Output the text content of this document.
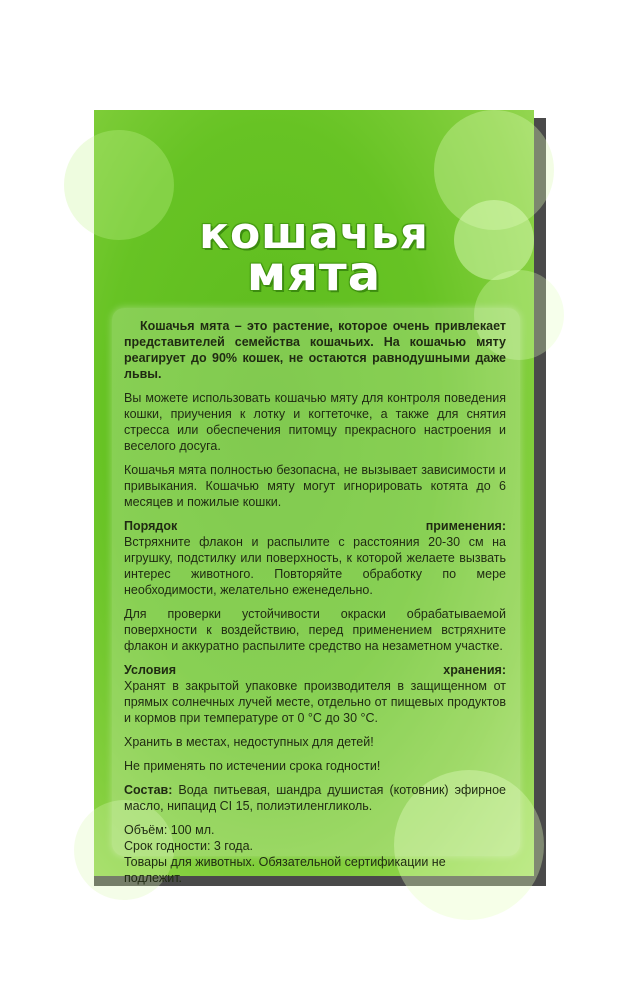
кошачья
мята

Кошачья мята – это растение, которое очень привлекает представителей семейства кошачьих. На кошачью мяту реагирует до 90% кошек, не остаются равнодушными даже львы.

Вы можете использовать кошачью мяту для контроля поведения кошки, приучения к лотку и когтеточке, а также для снятия стресса или обеспечения питомцу прекрасного настроения и веселого досуга.

Кошачья мята полностью безопасна, не вызывает зависимости и привыкания. Кошачью мяту могут игнорировать котята до 6 месяцев и пожилые кошки.

Порядок	применения:

Встряхните флакон и распылите с расстояния 20-30 см на игрушку, подстилку или поверхность, к которой желаете вызвать интерес животного. Повторяйте обработку по мере необходимости, желательно еженедельно.

Для проверки устойчивости окраски обрабатываемой поверхности к воздействию, перед применением встряхните флакон и аккуратно распылите средство на незаметном участке.

Условия	хранения:

Хранят в закрытой упаковке производителя в защищенном от прямых солнечных лучей месте, отдельно от пищевых продуктов и кормов при температуре от 0 °C до 30 °C.

Хранить в местах, недоступных для детей!

Не применять по истечении срока годности!

Состав: Вода питьевая, шандра душистая (котовник) эфирное масло, нипацид CI 15, полиэтиленгликоль.

Объём: 100 мл.

Срок годности: 3 года.

Товары для животных. Обязательной сертификации не подлежит.
